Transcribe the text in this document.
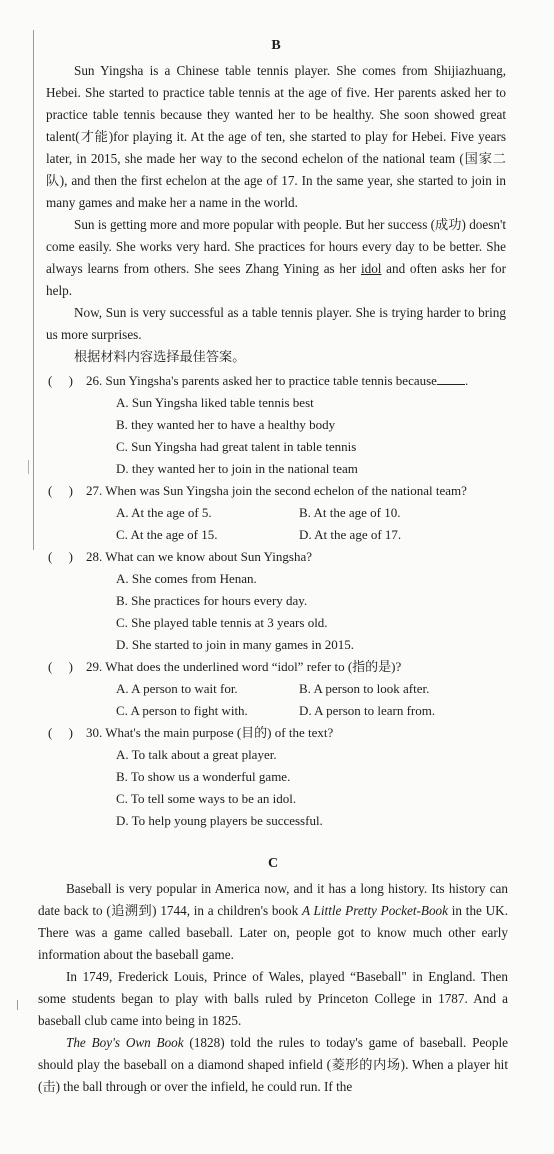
B

Sun Yingsha is a Chinese table tennis player. She comes from Shijiazhuang, Hebei. She started to practice table tennis at the age of five. Her parents asked her to practice table tennis because they wanted her to be healthy. She soon showed great talent(才能)for playing it. At the age of ten, she started to play for Hebei. Five years later, in 2015, she made her way to the second echelon of the national team (国家二队), and then the first echelon at the age of 17. In the same year, she started to join in many games and make her a name in the world.

Sun is getting more and more popular with people. But her success (成功) doesn't come easily. She works very hard. She practices for hours every day to be better. She always learns from others. She sees Zhang Yining as her idol and often asks her for help.

Now, Sun is very successful as a table tennis player. She is trying harder to bring us more surprises.

根据材料内容选择最佳答案。
(     ) 26. Sun Yingsha's parents asked her to practice table tennis because .
A. Sun Yingsha liked table tennis best
B. they wanted her to have a healthy body
C. Sun Yingsha had great talent in table tennis
D. they wanted her to join in the national team
(     ) 27. When was Sun Yingsha join the second echelon of the national team?
A. At the age of 5.	B. At the age of 10.
C. At the age of 15.	D. At the age of 17.
(     ) 28. What can we know about Sun Yingsha?
A. She comes from Henan.
B. She practices for hours every day.
C. She played table tennis at 3 years old.
D. She started to join in many games in 2015.
(     ) 29. What does the underlined word “idol” refer to (指的是)?
A. A person to wait for.	B. A person to look after.
C. A person to fight with.	D. A person to learn from.
(     ) 30. What's the main purpose (目的) of the text?
A. To talk about a great player.
B. To show us a wonderful game.
C. To tell some ways to be an idol.
D. To help young players be successful.
C

Baseball is very popular in America now, and it has a long history. Its history can date back to (追溯到) 1744, in a children's book A Little Pretty Pocket-Book in the UK. There was a game called baseball. Later on, people got to know much other early information about the baseball game.

In 1749, Frederick Louis, Prince of Wales, played “Baseball" in England. Then some students began to play with balls ruled by Princeton College in 1787. And a baseball club came into being in 1825.

The Boy's Own Book (1828) told the rules to today's game of baseball. People should play the baseball on a diamond shaped infield (菱形的内场). When a player hit (击) the ball through or over the infield, he could run. If the
